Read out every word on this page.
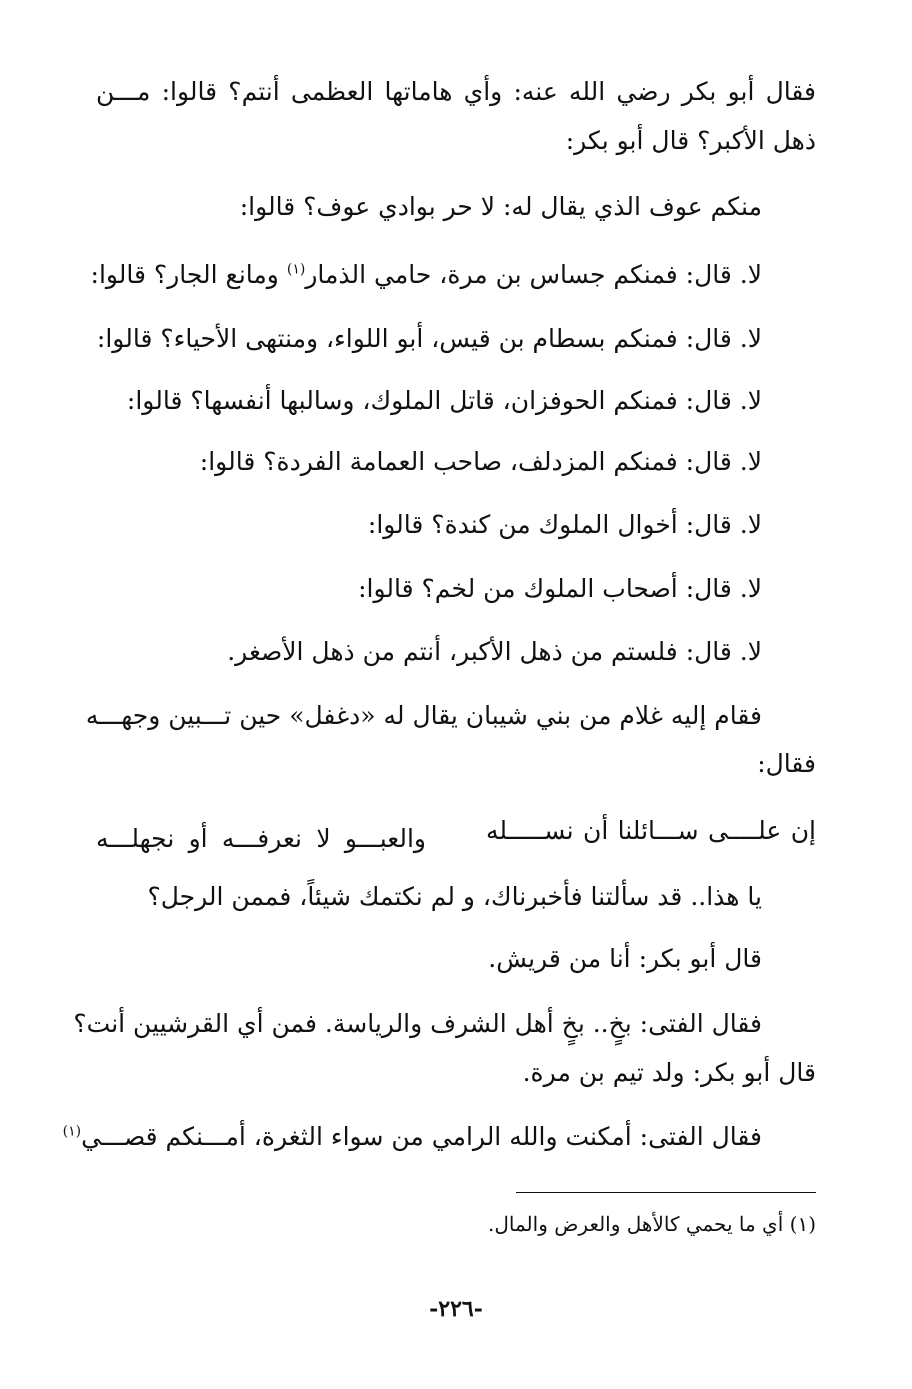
فقال أبو بكر رضي الله عنه: وأي هاماتها العظمى أنتم؟ قالوا: مـــن
ذهل الأكبر؟ قال أبو بكر:
منكم عوف الذي يقال له: لا حر بوادي عوف؟ قالوا:
لا. قال: فمنكم جساس بن مرة، حامي الذمار$^{(١)}$ ومانع الجار؟ قالوا:
لا. قال: فمنكم بسطام بن قيس، أبو اللواء، ومنتهى الأحياء؟ قالوا:
لا. قال: فمنكم الحوفزان، قاتل الملوك، وسالبها أنفسها؟ قالوا:
لا. قال: فمنكم المزدلف، صاحب العمامة الفردة؟ قالوا:
لا. قال: أخوال الملوك من كندة؟ قالوا:
لا. قال: أصحاب الملوك من لخم؟ قالوا:
لا. قال: فلستم من ذهل الأكبر، أنتم من ذهل الأصغر.
فقام إليه غلام من بني شيبان يقال له «دغفل» حين تـــبين وجهـــه
فقال:
إن علــــى ســـائلنا أن نســـــله
والعبـــو لا نعرفـــه أو نجهلـــه
يا هذا.. قد سألتنا فأخبرناك، و لم نكتمك شيئاً، فممن الرجل؟
قال أبو بكر: أنا من قريش.
فقال الفتى: بخٍ.. بخٍ أهل الشرف والرياسة. فمن أي القرشيين أنت؟
قال أبو بكر: ولد تيم بن مرة.
فقال الفتى: أمكنت والله الرامي من سواء الثغرة، أمـــنكم قصـــي$^{(١)}$
(١) أي ما يحمي كالأهل والعرض والمال.
-٢٢٦-
